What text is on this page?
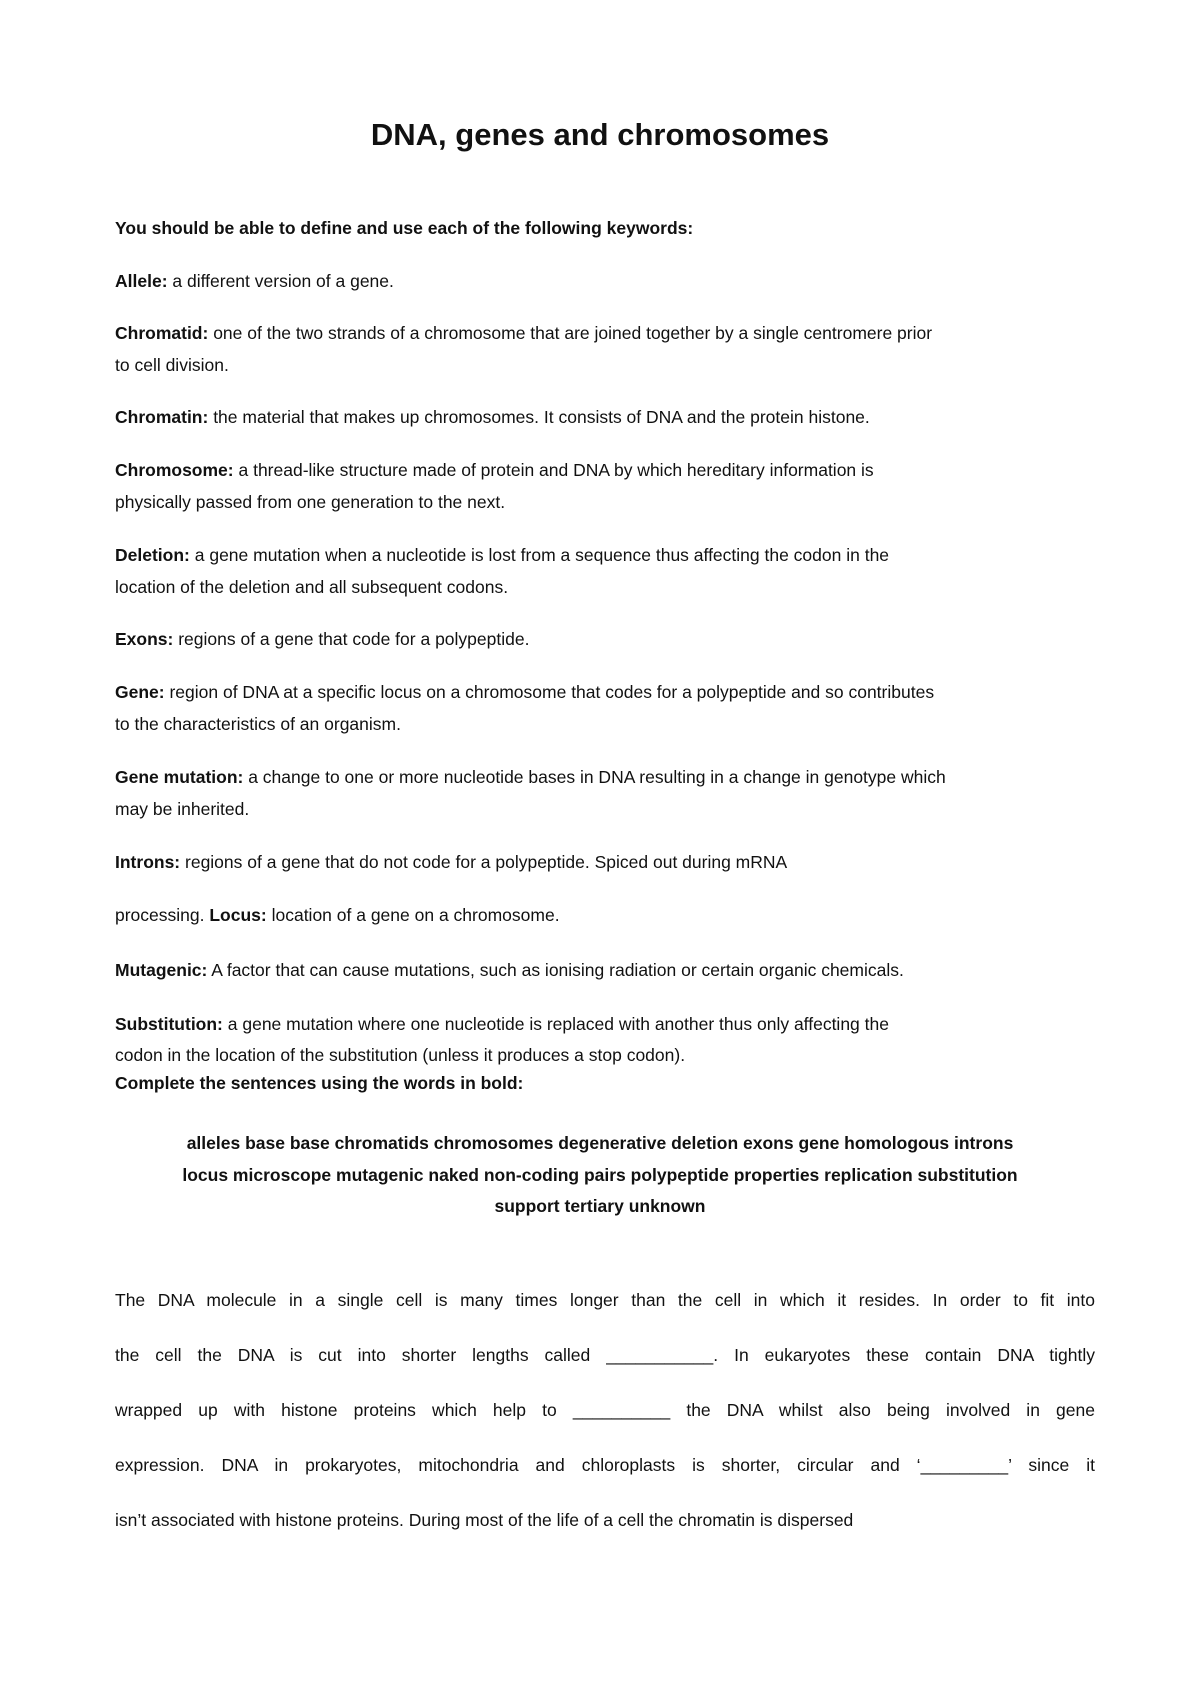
DNA, genes and chromosomes

You should be able to define and use each of the following keywords:

Allele: a different version of a gene.

Chromatid: one of the two strands of a chromosome that are joined together by a single centromere prior

to cell division.

Chromatin: the material that makes up chromosomes. It consists of DNA and the protein histone.

Chromosome: a thread-like structure made of protein and DNA by which hereditary information is

physically passed from one generation to the next.

Deletion: a gene mutation when a nucleotide is lost from a sequence thus affecting the codon in the

location of the deletion and all subsequent codons.

Exons: regions of a gene that code for a polypeptide.

Gene: region of DNA at a specific locus on a chromosome that codes for a polypeptide and so contributes

to the characteristics of an organism.

Gene mutation: a change to one or more nucleotide bases in DNA resulting in a change in genotype which

may be inherited.

Introns: regions of a gene that do not code for a polypeptide. Spiced out during mRNA

processing. Locus: location of a gene on a chromosome.

Mutagenic: A factor that can cause mutations, such as ionising radiation or certain organic chemicals.

Substitution: a gene mutation where one nucleotide is replaced with another thus only affecting the

codon in the location of the substitution (unless it produces a stop codon).

Complete the sentences using the words in bold:

alleles base base chromatids chromosomes degenerative deletion exons gene homologous introns

locus microscope mutagenic naked non-coding pairs polypeptide properties replication substitution

support tertiary unknown

The DNA molecule in a single cell is many times longer than the cell in which it resides. In order to fit into

the cell the DNA is cut into shorter lengths called ___________. In eukaryotes these contain DNA tightly

wrapped up with histone proteins which help to __________ the DNA whilst also being involved in gene

expression. DNA in prokaryotes, mitochondria and chloroplasts is shorter, circular and ‘_________’ since it

isn’t associated with histone proteins. During most of the life of a cell the chromatin is dispersed
